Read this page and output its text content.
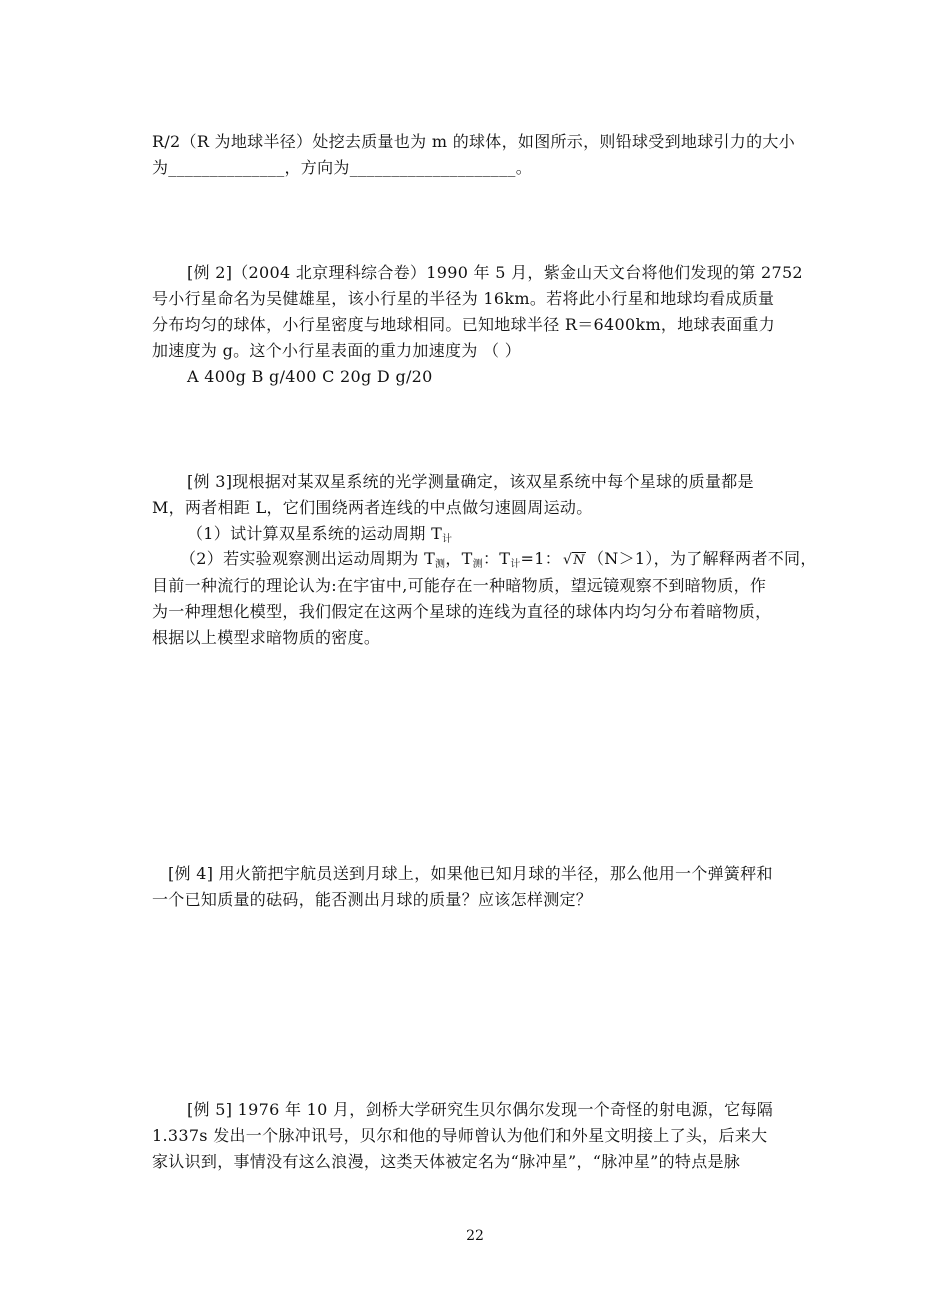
R/2（R 为地球半径）处挖去质量也为 m 的球体，如图所示，则铅球受到地球引力的大小
为______________，方向为____________________。
[例 2]（2004 北京理科综合卷）1990 年 5 月，紫金山天文台将他们发现的第 2752
号小行星命名为吴健雄星，该小行星的半径为 16km。若将此小行星和地球均看成质量
分布均匀的球体，小行星密度与地球相同。已知地球半径 R＝6400km，地球表面重力
加速度为 g。这个小行星表面的重力加速度为 （ ）
A 400g B g/400 C 20g D g/20
[例 3]现根据对某双星系统的光学测量确定，该双星系统中每个星球的质量都是
M，两者相距 L，它们围绕两者连线的中点做匀速圆周运动。
（1）试计算双星系统的运动周期 $T_计$
（2）若实验观察测出运动周期为 $T_测$，$T_测$：$T_计=1$： √N （N＞1），为了解释两者不同，
目前一种流行的理论认为:在宇宙中,可能存在一种暗物质，望远镜观察不到暗物质，作
为一种理想化模型，我们假定在这两个星球的连线为直径的球体内均匀分布着暗物质，
根据以上模型求暗物质的密度。
[例 4] 用火箭把宇航员送到月球上，如果他已知月球的半径，那么他用一个弹簧秤和
一个已知质量的砝码，能否测出月球的质量？应该怎样测定？
[例 5] 1976 年 10 月，剑桥大学研究生贝尔偶尔发现一个奇怪的射电源，它每隔
1.337s 发出一个脉冲讯号，贝尔和他的导师曾认为他们和外星文明接上了头，后来大
家认识到，事情没有这么浪漫，这类天体被定名为“脉冲星”，“脉冲星”的特点是脉
22
